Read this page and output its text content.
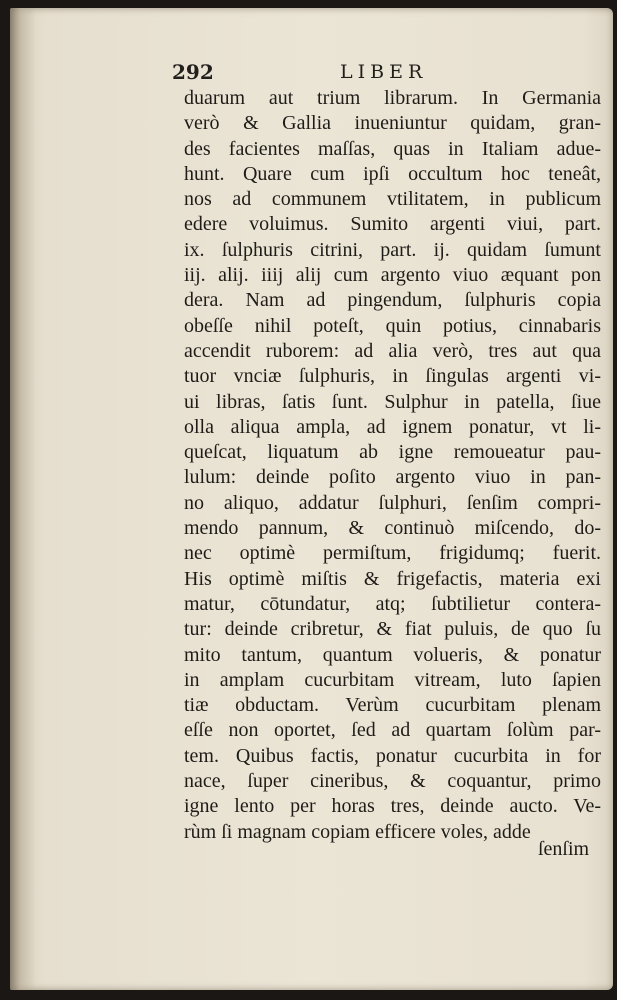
292	LIBER
duarum aut trium librarum. In Germania
verò & Gallia inueniuntur quidam, gran-
des facientes maſſas, quas in Italiam adue-
hunt. Quare cum ipſi occultum hoc teneât,
nos ad communem vtilitatem, in publicum
edere voluimus. Sumito argenti viui, part.
ix. ſulphuris citrini, part. ij. quidam ſumunt
iij. alij. iiij alij cum argento viuo æquant pon
dera. Nam ad pingendum, ſulphuris copia
obeſſe nihil poteſt, quin potius, cinnabaris
accendit ruborem: ad alia verò, tres aut qua
tuor vnciæ ſulphuris, in ſingulas argenti vi-
ui libras, ſatis ſunt. Sulphur in patella, ſiue
olla aliqua ampla, ad ignem ponatur, vt li-
queſcat, liquatum ab igne remoueatur pau-
lulum: deinde poſito argento viuo in pan-
no aliquo, addatur ſulphuri, ſenſim compri-
mendo pannum, & continuò miſcendo, do-
nec optimè permiſtum, frigidumq; fuerit.
His optimè miſtis & frigefactis, materia exi
matur, cōtundatur, atq; ſubtilietur contera-
tur: deinde cribretur, & fiat puluis, de quo ſu
mito tantum, quantum volueris, & ponatur
in amplam cucurbitam vitream, luto ſapien
tiæ obductam. Verùm cucurbitam plenam
eſſe non oportet, ſed ad quartam ſolùm par-
tem. Quibus factis, ponatur cucurbita in for
nace, ſuper cineribus, & coquantur, primo
igne lento per horas tres, deinde aucto. Ve-
rùm ſi magnam copiam efficere voles, adde
ſenſim
